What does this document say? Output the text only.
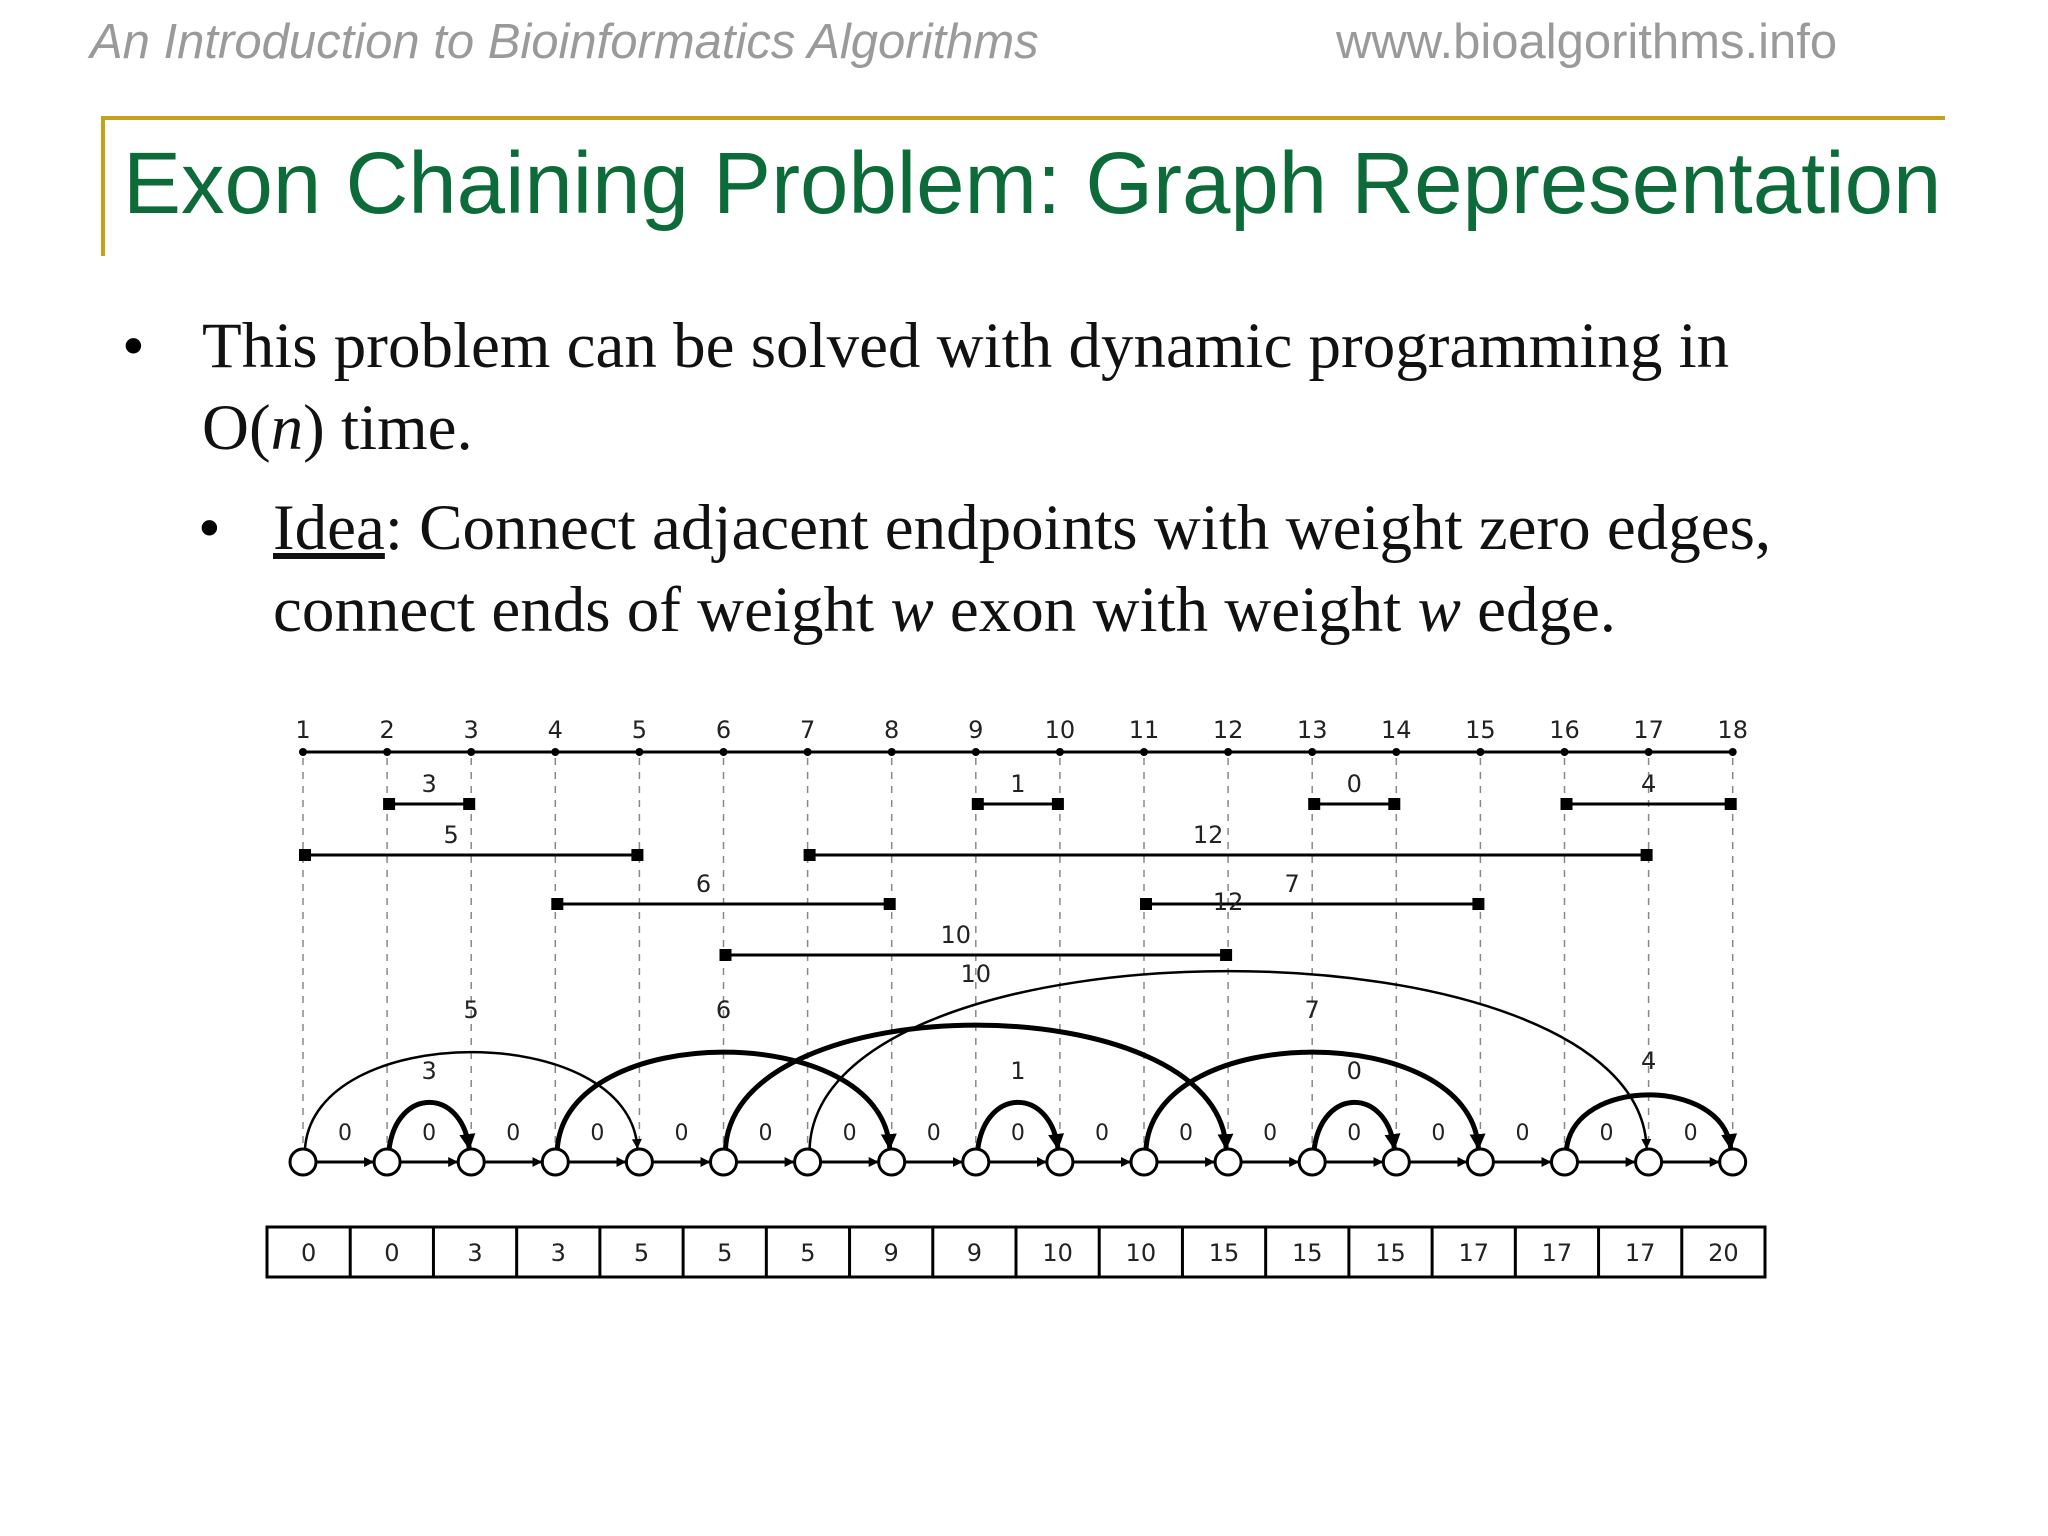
An Introduction to Bioinformatics Algorithms	www.bioalgorithms.info
Exon Chaining Problem: Graph Representation
• This problem can be solved with dynamic programming in O(n) time.
• Idea: Connect adjacent endpoints with weight zero edges, connect ends of weight w exon with weight w edge.
1	2	3	4	5	6	7	8	9	10 11 12 13 14 15 16 17 18
3	1	0	4
5	12
6	7
10
0	0	0	0	0	0	0	0	0	0	0	0	0	0	0	0	0
3	1	0	4
5
12
6	7
10
0	0	3	3	5	5	5	9	9	10 10 15 15 15 17 17 17 20
